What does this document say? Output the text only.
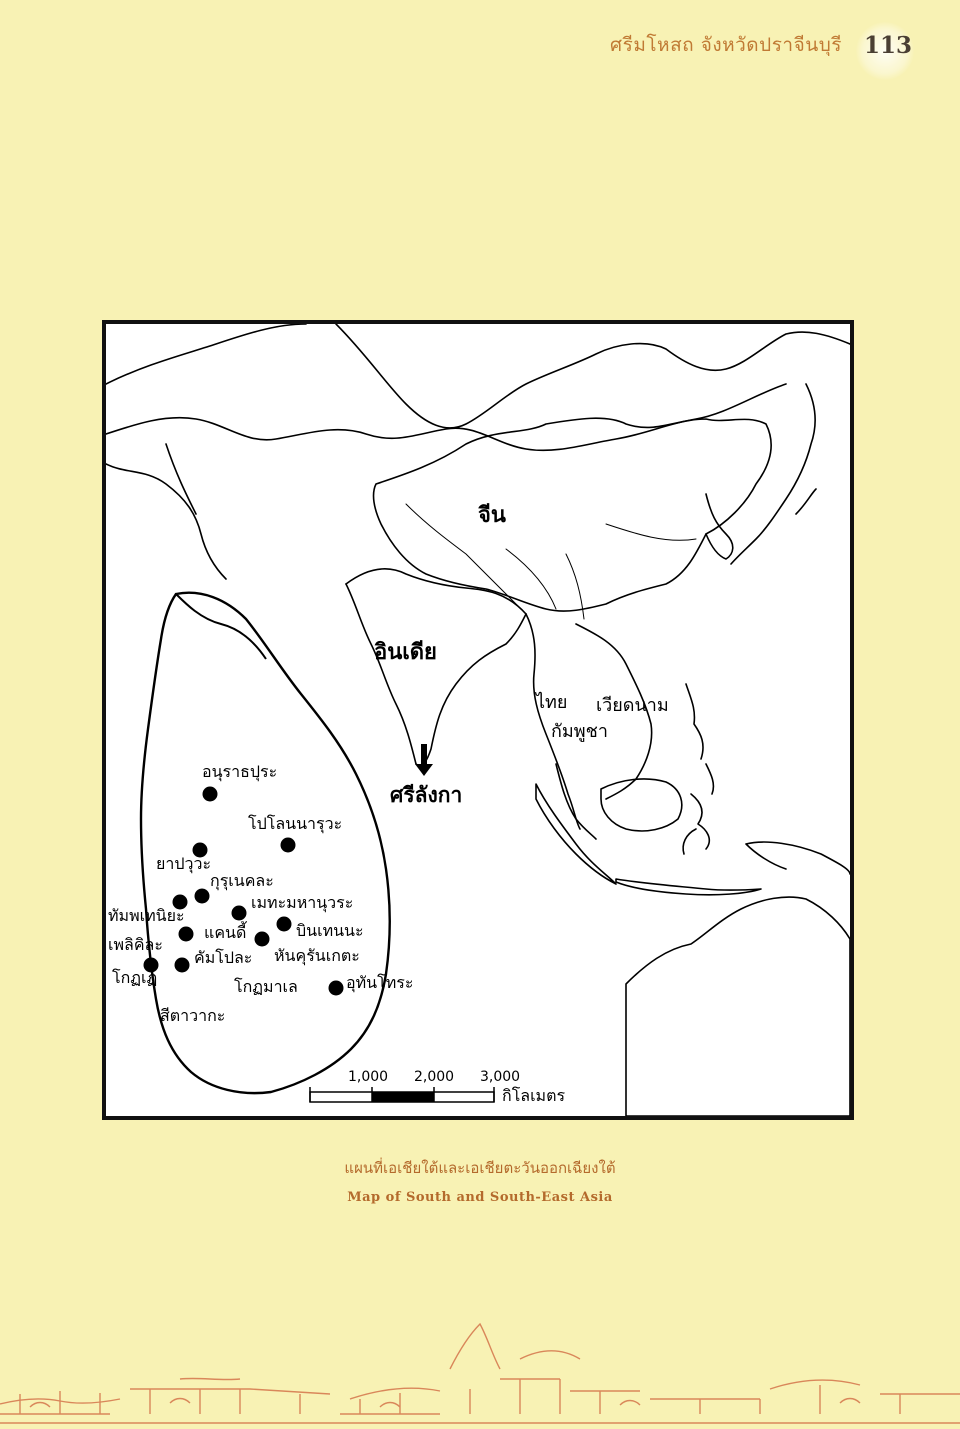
ศรีมโหสถ จังหวัดปราจีนบุรี 113
จีน
อินเดีย
ศรีลังกา
ไทย เวียดนาม
กัมพูชา
อนุราธปุระ
โปโลนนารุวะ
ยาปวุวะ
กุรุเนคละ
ทัมพเทนิยะ
เมทะมหานุวระ
แคนดี้	บินเทนนะ
เพลิคิละ
คัมโปละ หันคุรันเกตะ
โกฏเฏ	โกฏมาเล	อุทันโทระ
สีตาวากะ
1,000 2,000 3,000
กิโลเมตร
แผนที่เอเชียใต้และเอเชียตะวันออกเฉียงใต้
Map of South and South-East Asia
